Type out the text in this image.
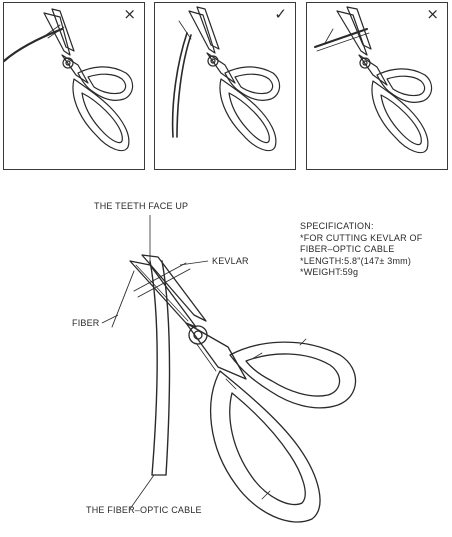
×	✓	×
THE TEETH FACE UP
KEVLAR
FIBER
THE FIBER–OPTIC CABLE
SPECIFICATION:
*FOR CUTTING KEVLAR OF
FIBER–OPTIC CABLE
*LENGTH:5.8"(147± 3mm)
*WEIGHT:59g
